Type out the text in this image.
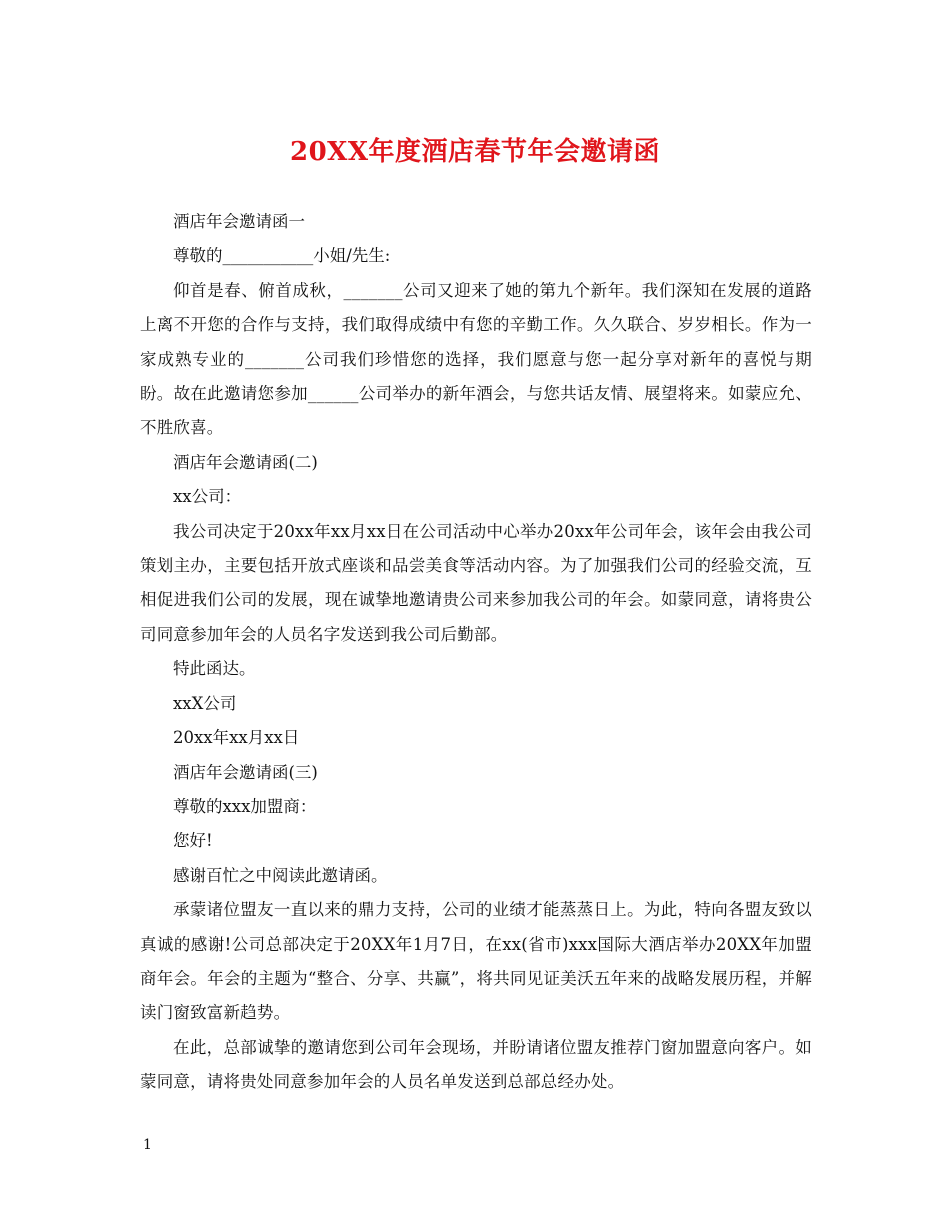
20XX年度酒店春节年会邀请函
酒店年会邀请函一
尊敬的___________小姐/先生:
仰首是春、俯首成秋，_______公司又迎来了她的第九个新年。我们深知在发展的道路上离不开您的合作与支持，我们取得成绩中有您的辛勤工作。久久联合、岁岁相长。作为一家成熟专业的_______公司我们珍惜您的选择，我们愿意与您一起分享对新年的喜悦与期盼。故在此邀请您参加______公司举办的新年酒会，与您共话友情、展望将来。如蒙应允、不胜欣喜。
酒店年会邀请函(二)
xx公司：
我公司决定于20xx年xx月xx日在公司活动中心举办20xx年公司年会，该年会由我公司策划主办，主要包括开放式座谈和品尝美食等活动内容。为了加强我们公司的经验交流，互相促进我们公司的发展，现在诚挚地邀请贵公司来参加我公司的年会。如蒙同意，请将贵公司同意参加年会的人员名字发送到我公司后勤部。
特此函达。
xxX公司
20xx年xx月xx日
酒店年会邀请函(三)
尊敬的xxx加盟商：
您好!
感谢百忙之中阅读此邀请函。
承蒙诸位盟友一直以来的鼎力支持，公司的业绩才能蒸蒸日上。为此，特向各盟友致以真诚的感谢!公司总部决定于20XX年1月7日，在xx(省市)xxx国际大酒店举办20XX年加盟商年会。年会的主题为“整合、分享、共赢”，将共同见证美沃五年来的战略发展历程，并解读门窗致富新趋势。
在此，总部诚挚的邀请您到公司年会现场，并盼请诸位盟友推荐门窗加盟意向客户。如蒙同意，请将贵处同意参加年会的人员名单发送到总部总经办处。
1
